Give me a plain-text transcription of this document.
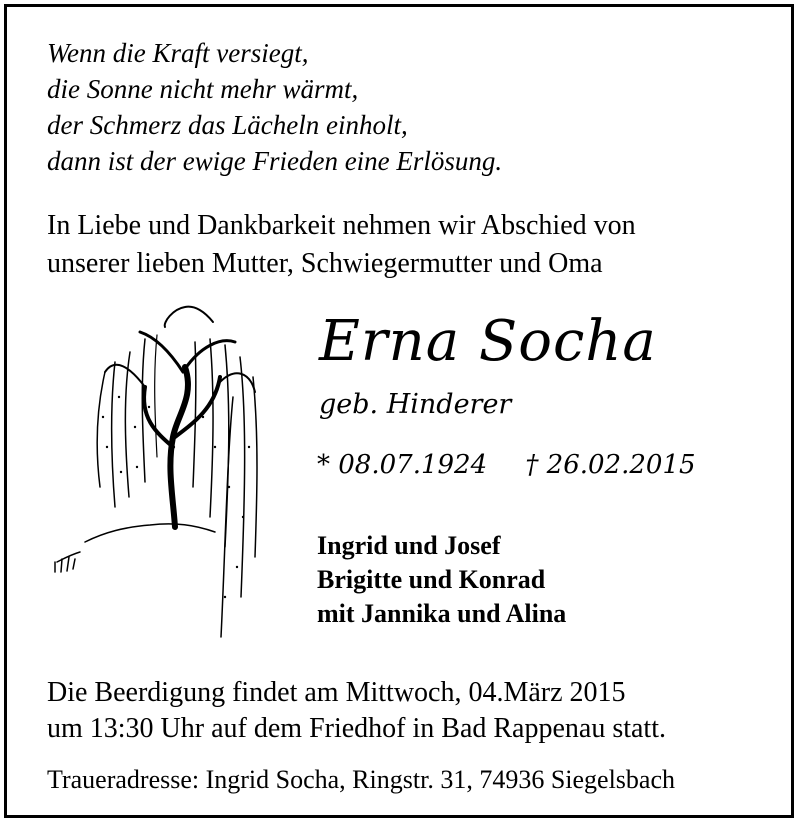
Wenn die Kraft versiegt,
die Sonne nicht mehr wärmt,
der Schmerz das Lächeln einholt,
dann ist der ewige Frieden eine Erlösung.
In Liebe und Dankbarkeit nehmen wir Abschied von
unserer lieben Mutter, Schwiegermutter und Oma
Erna Socha
geb. Hinderer
* 08.07.1924 † 26.02.2015
Ingrid und Josef
Brigitte und Konrad
mit Jannika und Alina
Die Beerdigung findet am Mittwoch, 04.März 2015
um 13:30 Uhr auf dem Friedhof in Bad Rappenau statt.
Traueradresse: Ingrid Socha, Ringstr. 31, 74936 Siegelsbach
